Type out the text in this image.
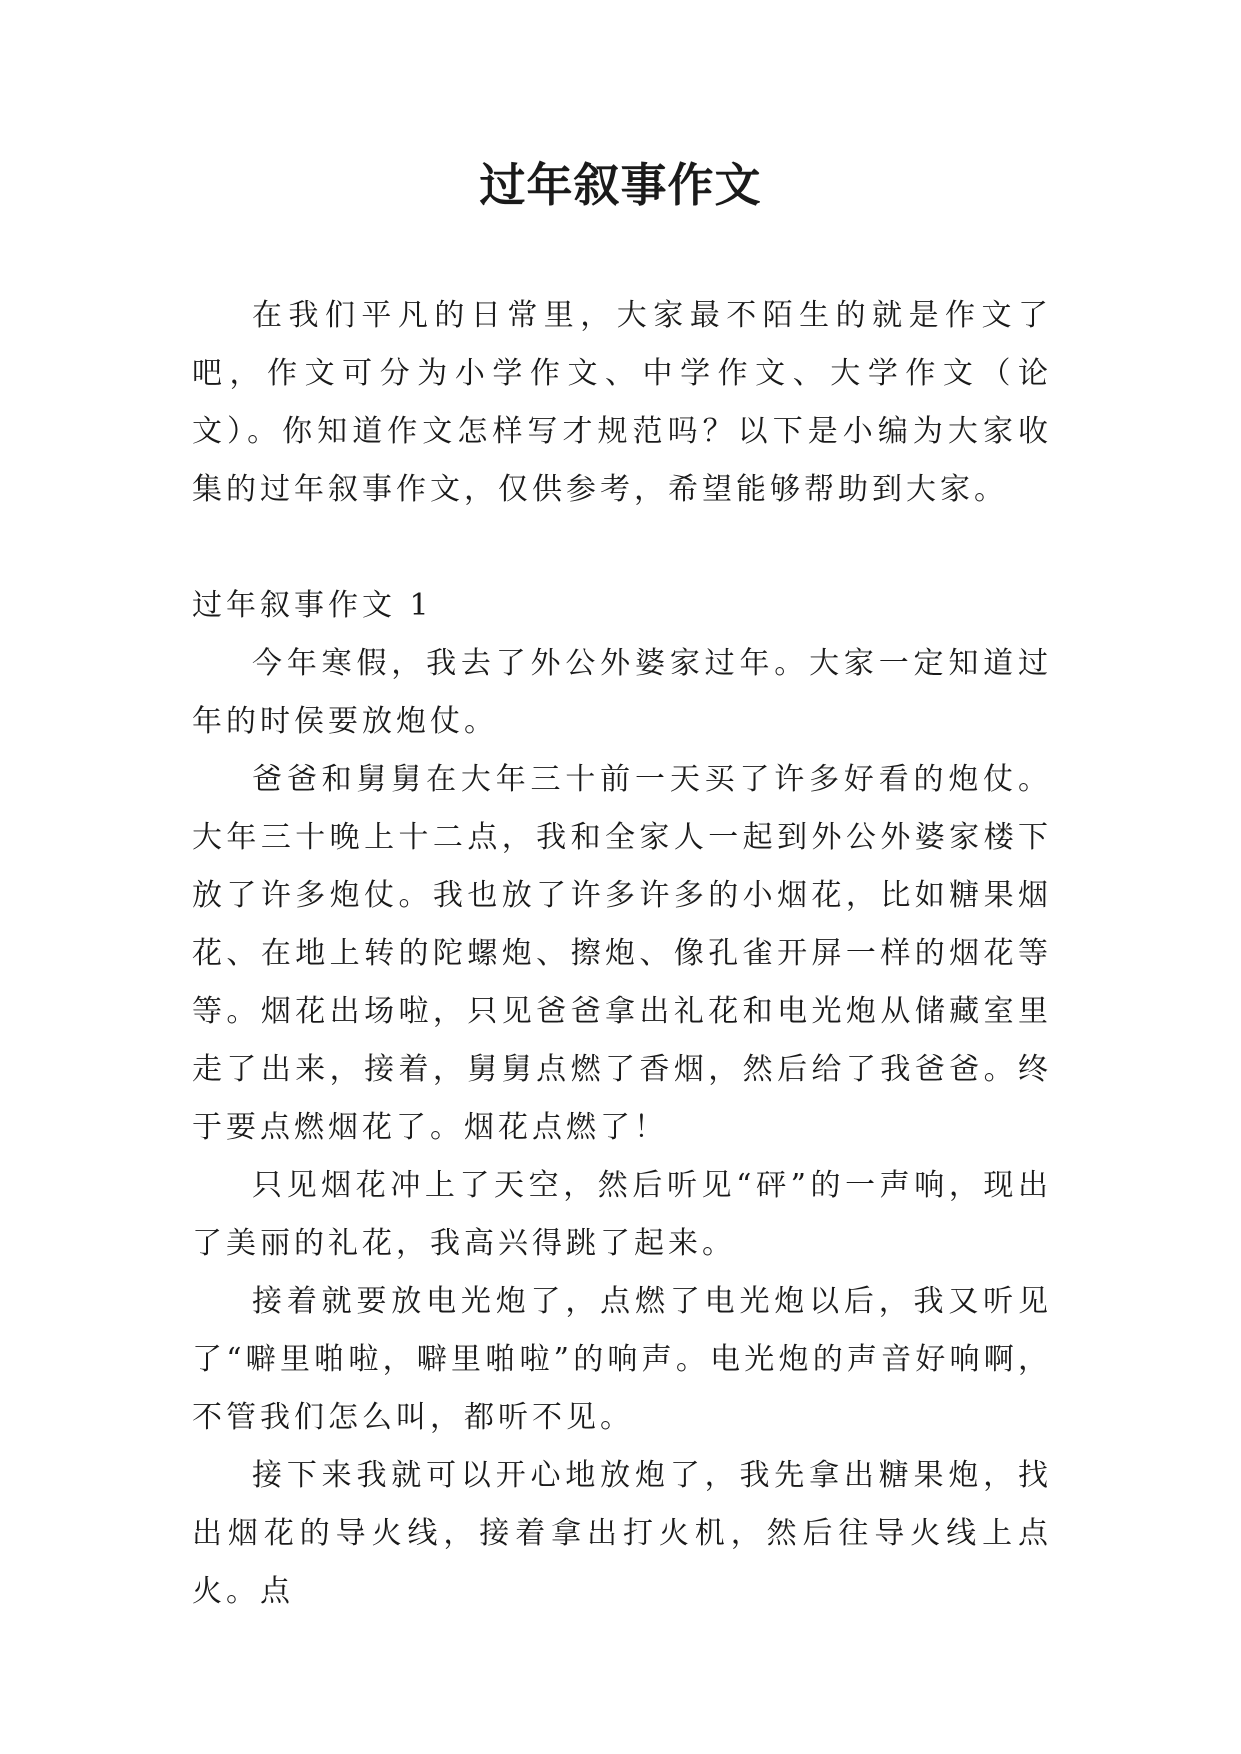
过年叙事作文

在我们平凡的日常里，大家最不陌生的就是作文了吧，作文可分为小学作文、中学作文、大学作文（论文）。你知道作文怎样写才规范吗？以下是小编为大家收集的过年叙事作文，仅供参考，希望能够帮助到大家。

过年叙事作文 1

今年寒假，我去了外公外婆家过年。大家一定知道过年的时侯要放炮仗。

爸爸和舅舅在大年三十前一天买了许多好看的炮仗。大年三十晚上十二点，我和全家人一起到外公外婆家楼下放了许多炮仗。我也放了许多许多的小烟花，比如糖果烟花、在地上转的陀螺炮、擦炮、像孔雀开屏一样的烟花等等。烟花出场啦，只见爸爸拿出礼花和电光炮从储藏室里走了出来，接着，舅舅点燃了香烟，然后给了我爸爸。终于要点燃烟花了。烟花点燃了！

只见烟花冲上了天空，然后听见“砰”的一声响，现出了美丽的礼花，我高兴得跳了起来。

接着就要放电光炮了，点燃了电光炮以后，我又听见了“噼里啪啦，噼里啪啦”的响声。电光炮的声音好响啊，不管我们怎么叫，都听不见。

接下来我就可以开心地放炮了，我先拿出糖果炮，找出烟花的导火线，接着拿出打火机，然后往导火线上点火。点
